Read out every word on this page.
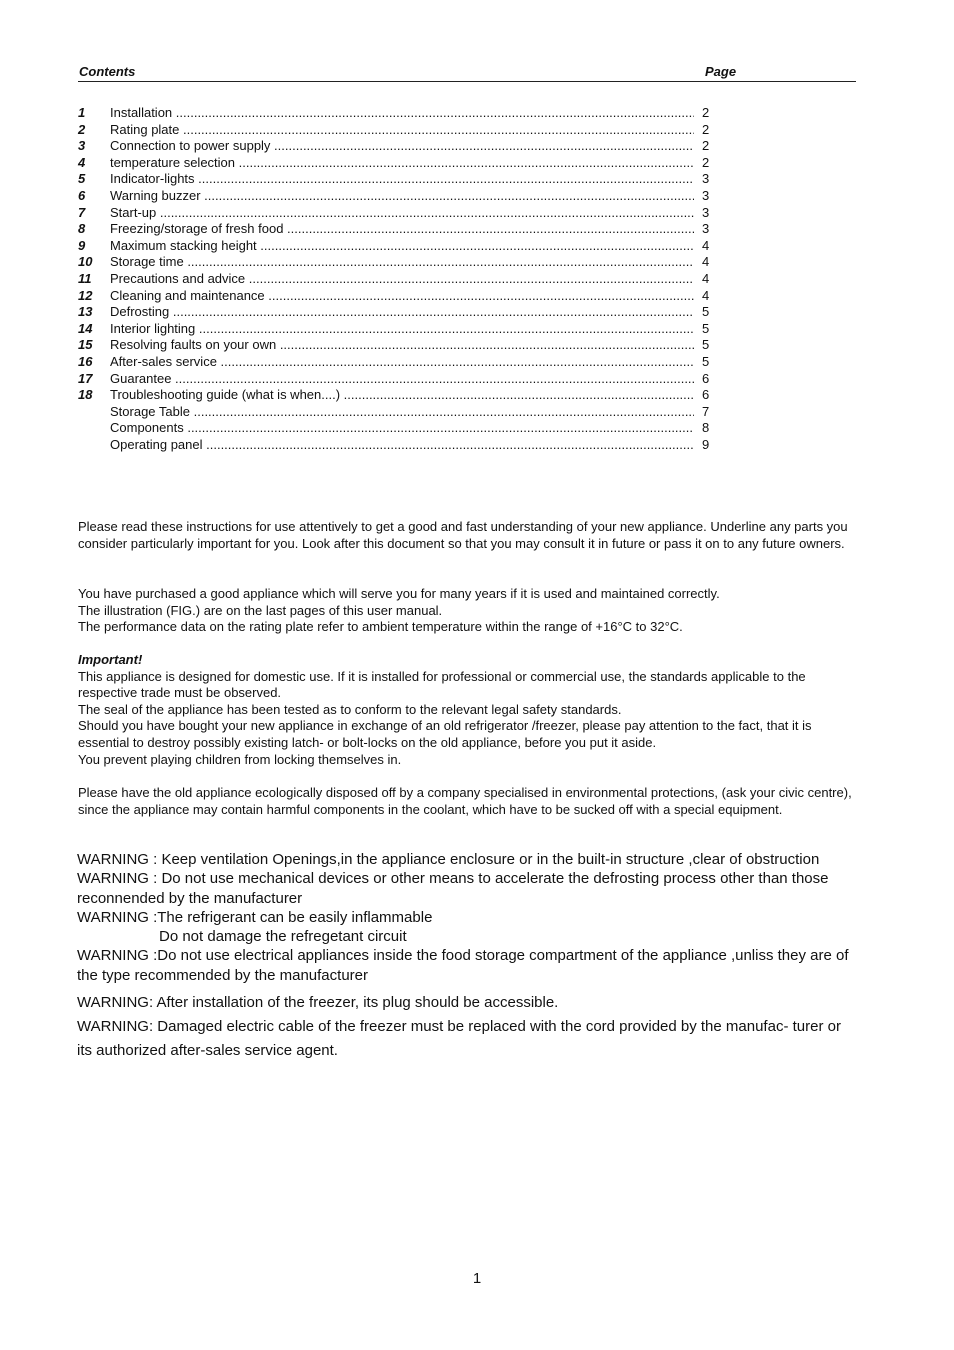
Contents	Page
1	Installation .....	2
2	Rating plate .....	2
3	Connection to power supply .....	2
4	temperature selection .....	2
5	Indicator-lights .....	3
6	Warning buzzer .....	3
7	Start-up .....	3
8	Freezing/storage of fresh food .....	3
9	Maximum stacking height .....	4
10	Storage time .....	4
11	Precautions and advice .....	4
12	Cleaning and maintenance .....	4
13	Defrosting .....	5
14	Interior lighting .....	5
15	Resolving faults on your own .....	5
16	After-sales service .....	5
17	Guarantee .....	6
18	Troubleshooting guide (what is when....) .....	6
Storage Table .....	7
Components .....	8
Operating panel .....	9

Please read these instructions for use attentively to get a good and fast understanding of your new appliance. Underline any parts you consider particularly important for you. Look after this document so that you may consult it in future or pass it on to any future owners.

You have purchased a good appliance which will serve you for many years if it is used and maintained correctly.

The illustration (FIG.) are on the last pages of this user manual.

The performance data on the rating plate refer to ambient temperature within the range of +16°C to 32°C.

Important!

This appliance is designed for domestic use. If it is installed for professional or commercial use, the standards applicable to the respective trade must be observed.

The seal of the appliance has been tested as to conform to the relevant legal safety standards.

Should you have bought your new appliance in exchange of an old refrigerator /freezer, please pay attention to the fact, that it is essential to destroy possibly existing latch- or bolt-locks on the old appliance, before you put it aside.

You prevent playing children from locking themselves in.

Please have the old appliance ecologically disposed off by a company specialised in environmental protections, (ask your civic centre), since the appliance may contain harmful components in the coolant, which have to be sucked off with a special equipment.

WARNING : Keep ventilation Openings,in the appliance enclosure or in the built-in structure ,clear of obstruction

WARNING : Do not use mechanical devices or other means to accelerate the defrosting process other than those reconnended by the manufacturer

WARNING :The refrigerant can be easily inflammable

Do not damage the refregetant circuit

WARNING :Do not use electrical appliances inside the food storage compartment of the appliance ,unliss they are of the type recommended by the manufacturer

WARNING: After installation of the freezer, its plug should be accessible.

WARNING: Damaged electric cable of the freezer must be replaced with the cord provided by the manufac- turer or its authorized after-sales service agent.

1
